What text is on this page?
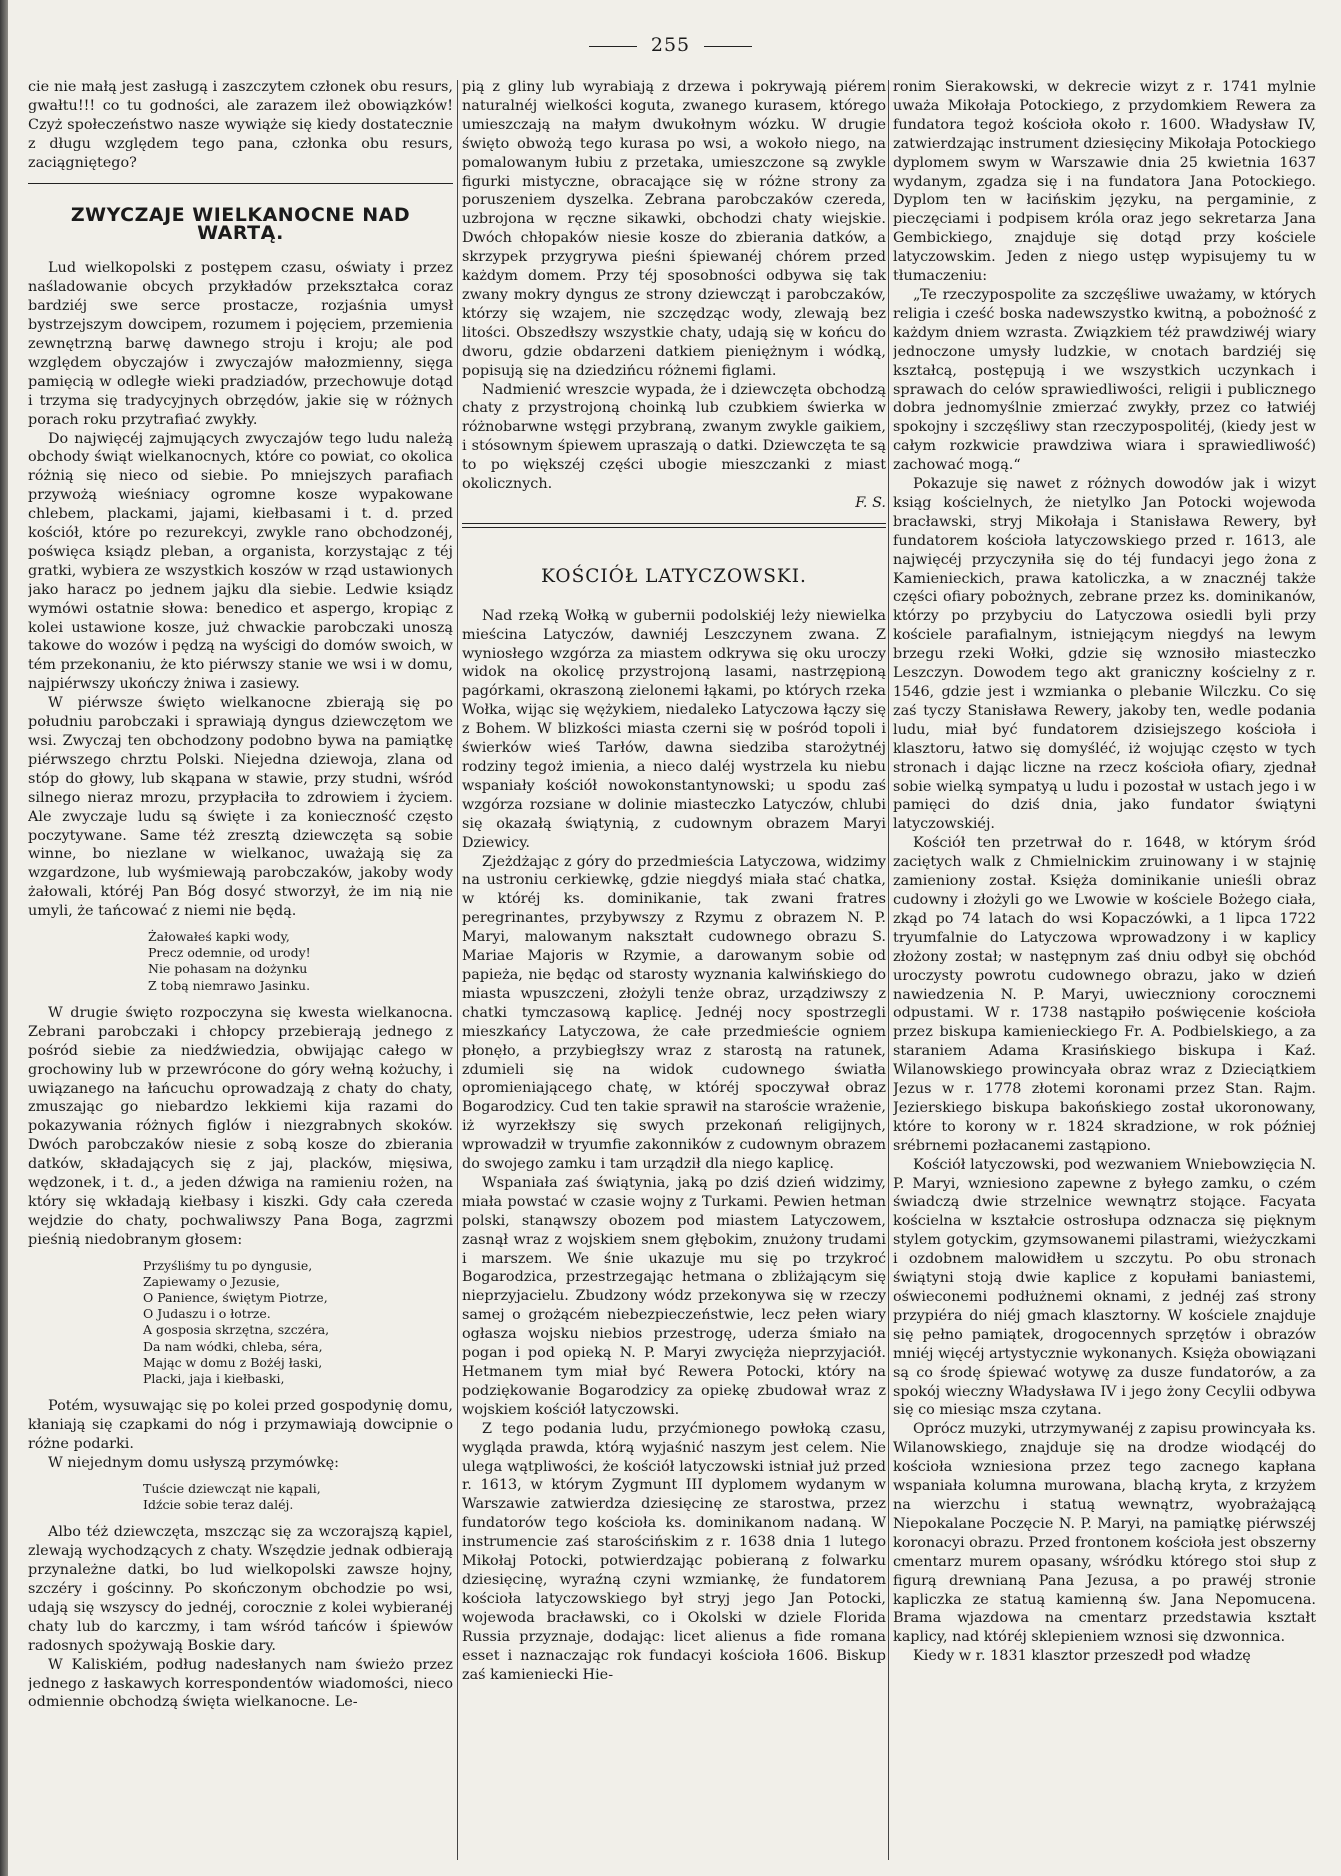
255

cie nie małą jest zasługą i zaszczytem członek obu resurs, gwałtu!!! co tu godności, ale zarazem ileż obowiązków! Czyż społeczeństwo nasze wywiąże się kiedy dostatecznie z długu względem tego pana, członka obu resurs, zaciągniętego?

ZWYCZAJE WIELKANOCNE NAD WARTĄ.

Lud wielkopolski z postępem czasu, oświaty i przez naśladowanie obcych przykładów przekształca coraz bardziéj swe serce prostacze, rozjaśnia umysł bystrzejszym dowcipem, rozumem i pojęciem, przemienia zewnętrzną barwę dawnego stroju i kroju; ale pod względem obyczajów i zwyczajów małozmienny, sięga pamięcią w odległe wieki pradziadów, przechowuje dotąd i trzyma się tradycyjnych obrzędów, jakie się w różnych porach roku przytrafiać zwykły.

Do najwięcéj zajmujących zwyczajów tego ludu należą obchody świąt wielkanocnych, które co powiat, co okolica różnią się nieco od siebie. Po mniejszych parafiach przywożą wieśniacy ogromne kosze wypakowane chlebem, plackami, jajami, kiełbasami i t. d. przed kościół, które po rezurekcyi, zwykle rano obchodzonéj, poświęca ksiądz pleban, a organista, korzystając z téj gratki, wybiera ze wszystkich koszów w rząd ustawionych jako haracz po jednem jajku dla siebie. Ledwie ksiądz wymówi ostatnie słowa: benedico et aspergo, kropiąc z kolei ustawione kosze, już chwackie parobczaki unoszą takowe do wozów i pędzą na wyścigi do domów swoich, w tém przekonaniu, że kto piérwszy stanie we wsi i w domu, najpiérwszy ukończy żniwa i zasiewy.

W piérwsze święto wielkanocne zbierają się po południu parobczaki i sprawiają dyngus dziewczętom we wsi. Zwyczaj ten obchodzony podobno bywa na pamiątkę piérwszego chrztu Polski. Niejedna dziewoja, zlana od stóp do głowy, lub skąpana w stawie, przy studni, wśród silnego nieraz mrozu, przypłaciła to zdrowiem i życiem. Ale zwyczaje ludu są święte i za konieczność często poczytywane. Same téż zresztą dziewczęta są sobie winne, bo niezlane w wielkanoc, uważają się za wzgardzone, lub wyśmiewają parobczaków, jakoby wody żałowali, któréj Pan Bóg dosyć stworzył, że im nią nie umyli, że tańcować z niemi nie będą.

Żałowałeś kapki wody,
Precz odemnie, od urody!
Nie pohasam na dożynku
Z tobą niemrawo Jasinku.

W drugie święto rozpoczyna się kwesta wielkanocna. Zebrani parobczaki i chłopcy przebierają jednego z pośród siebie za niedźwiedzia, obwijając całego w grochowiny lub w przewrócone do góry wełną kożuchy, i uwiązanego na łańcuchu oprowadzają z chaty do chaty, zmuszając go niebardzo lekkiemi kija razami do pokazywania różnych figlów i niezgrabnych skoków. Dwóch parobczaków niesie z sobą kosze do zbierania datków, składających się z jaj, placków, mięsiwa, wędzonek, i t. d., a jeden dźwiga na ramieniu rożen, na który się wkładają kiełbasy i kiszki. Gdy cała czereda wejdzie do chaty, pochwaliwszy Pana Boga, zagrzmi pieśnią niedobranym głosem:

Przyśliśmy tu po dyngusie,
Zapiewamy o Jezusie,
O Panience, świętym Piotrze,
O Judaszu i o łotrze.
A gosposia skrzętna, szczéra,
Da nam wódki, chleba, séra,
Mając w domu z Bożéj łaski,
Placki, jaja i kiełbaski,

Potém, wysuwając się po kolei przed gospodynię domu, kłaniają się czapkami do nóg i przymawiają dowcipnie o różne podarki.

W niejednym domu usłyszą przymówkę:

Tuście dziewcząt nie kąpali,
Idźcie sobie teraz daléj.

Albo téż dziewczęta, mszcząc się za wczorajszą kąpiel, zlewają wychodzących z chaty. Wszędzie jednak odbierają przynależne datki, bo lud wielkopolski zawsze hojny, szczéry i gościnny. Po skończonym obchodzie po wsi, udają się wszyscy do jednéj, corocznie z kolei wybieranéj chaty lub do karczmy, i tam wśród tańców i śpiewów radosnych spożywają Boskie dary.

W Kaliskiém, podług nadesłanych nam świeżo przez jednego z łaskawych korrespondentów wiadomości, nieco odmiennie obchodzą święta wielkanocne. Le-

pią z gliny lub wyrabiają z drzewa i pokrywają piérem naturalnéj wielkości koguta, zwanego kurasem, którego umieszczają na małym dwukołnym wózku. W drugie święto obwożą tego kurasa po wsi, a wokoło niego, na pomalowanym łubiu z przetaka, umieszczone są zwykle figurki mistyczne, obracające się w różne strony za poruszeniem dyszelka. Zebrana parobczaków czereda, uzbrojona w ręczne sikawki, obchodzi chaty wiejskie. Dwóch chłopaków niesie kosze do zbierania datków, a skrzypek przygrywa pieśni śpiewanéj chórem przed każdym domem. Przy téj sposobności odbywa się tak zwany mokry dyngus ze strony dziewcząt i parobczaków, którzy się wzajem, nie szczędząc wody, zlewają bez litości. Obszedłszy wszystkie chaty, udają się w końcu do dworu, gdzie obdarzeni datkiem pieniężnym i wódką, popisują się na dziedzińcu różnemi figlami.

Nadmienić wreszcie wypada, że i dziewczęta obchodzą chaty z przystrojoną choinką lub czubkiem świerka w różnobarwne wstęgi przybraną, zwanym zwykle gaikiem, i stósownym śpiewem upraszają o datki. Dziewczęta te są to po większéj części ubogie mieszczanki z miast okolicznych.

F. S.
KOŚCIÓŁ LATYCZOWSKI.

Nad rzeką Wołką w gubernii podolskiéj leży niewielka mieścina Latyczów, dawniéj Leszczynem zwana. Z wyniosłego wzgórza za miastem odkrywa się oku uroczy widok na okolicę przystrojoną lasami, nastrzępioną pagórkami, okraszoną zielonemi łąkami, po których rzeka Wołka, wijąc się wężykiem, niedaleko Latyczowa łączy się z Bohem. W blizkości miasta czerni się w pośród topoli i świerków wieś Tarłów, dawna siedziba starożytnéj rodziny tegoż imienia, a nieco daléj wystrzela ku niebu wspaniały kościół nowokonstantynowski; u spodu zaś wzgórza rozsiane w dolinie miasteczko Latyczów, chlubi się okazałą świątynią, z cudownym obrazem Maryi Dziewicy.

Zjeżdżając z góry do przedmieścia Latyczowa, widzimy na ustroniu cerkiewkę, gdzie niegdyś miała stać chatka, w któréj ks. dominikanie, tak zwani fratres peregrinantes, przybywszy z Rzymu z obrazem N. P. Maryi, malowanym nakształt cudownego obrazu S. Mariae Majoris w Rzymie, a darowanym sobie od papieża, nie będąc od starosty wyznania kalwińskiego do miasta wpuszczeni, złożyli tenże obraz, urządziwszy z chatki tymczasową kaplicę. Jednéj nocy spostrzegli mieszkańcy Latyczowa, że całe przedmieście ogniem płonęło, a przybiegłszy wraz z starostą na ratunek, zdumieli się na widok cudownego światła opromieniającego chatę, w któréj spoczywał obraz Bogarodzicy. Cud ten takie sprawił na staroście wrażenie, iż wyrzekłszy się swych przekonań religijnych, wprowadził w tryumfie zakonników z cudownym obrazem do swojego zamku i tam urządził dla niego kaplicę.

Wspaniała zaś świątynia, jaką po dziś dzień widzimy, miała powstać w czasie wojny z Turkami. Pewien hetman polski, stanąwszy obozem pod miastem Latyczowem, zasnął wraz z wojskiem snem głębokim, znużony trudami i marszem. We śnie ukazuje mu się po trzykroć Bogarodzica, przestrzegając hetmana o zbliżającym się nieprzyjacielu. Zbudzony wódz przekonywa się w rzeczy samej o grożącém niebezpieczeństwie, lecz pełen wiary ogłasza wojsku niebios przestrogę, uderza śmiało na pogan i pod opieką N. P. Maryi zwycięża nieprzyjaciół. Hetmanem tym miał być Rewera Potocki, który na podziękowanie Bogarodzicy za opiekę zbudował wraz z wojskiem kościół latyczowski.

Z tego podania ludu, przyćmionego powłoką czasu, wygląda prawda, którą wyjaśnić naszym jest celem. Nie ulega wątpliwości, że kościół latyczowski istniał już przed r. 1613, w którym Zygmunt III dyplomem wydanym w Warszawie zatwierdza dziesięcinę ze starostwa, przez fundatorów tego kościoła ks. dominikanom nadaną. W instrumencie zaś starościńskim z r. 1638 dnia 1 lutego Mikołaj Potocki, potwierdzając pobieraną z folwarku dziesięcinę, wyraźną czyni wzmiankę, że fundatorem kościoła latyczowskiego był stryj jego Jan Potocki, wojewoda bracławski, co i Okolski w dziele Florida Russia przyznaje, dodając: licet alienus a fide romana esset i naznaczając rok fundacyi kościoła 1606. Biskup zaś kamieniecki Hie-

ronim Sierakowski, w dekrecie wizyt z r. 1741 mylnie uważa Mikołaja Potockiego, z przydomkiem Rewera za fundatora tegoż kościoła około r. 1600. Władysław IV, zatwierdzając instrument dziesięciny Mikołaja Potockiego dyplomem swym w Warszawie dnia 25 kwietnia 1637 wydanym, zgadza się i na fundatora Jana Potockiego. Dyplom ten w łacińskim języku, na pergaminie, z pieczęciami i podpisem króla oraz jego sekretarza Jana Gembickiego, znajduje się dotąd przy kościele latyczowskim. Jeden z niego ustęp wypisujemy tu w tłumaczeniu:

„Te rzeczypospolite za szczęśliwe uważamy, w których religia i cześć boska nadewszystko kwitną, a pobożność z każdym dniem wzrasta. Związkiem téż prawdziwéj wiary jednoczone umysły ludzkie, w cnotach bardziéj się kształcą, postępują i we wszystkich uczynkach i sprawach do celów sprawiedliwości, religii i publicznego dobra jednomyślnie zmierzać zwykły, przez co łatwiéj spokojny i szczęśliwy stan rzeczypospolitéj, (kiedy jest w całym rozkwicie prawdziwa wiara i sprawiedliwość) zachować mogą.“

Pokazuje się nawet z różnych dowodów jak i wizyt ksiąg kościelnych, że nietylko Jan Potocki wojewoda bracławski, stryj Mikołaja i Stanisława Rewery, był fundatorem kościoła latyczowskiego przed r. 1613, ale najwięcéj przyczyniła się do téj fundacyi jego żona z Kamienieckich, prawa katoliczka, a w znacznéj także części ofiary pobożnych, zebrane przez ks. dominikanów, którzy po przybyciu do Latyczowa osiedli byli przy kościele parafialnym, istniejącym niegdyś na lewym brzegu rzeki Wołki, gdzie się wznosiło miasteczko Leszczyn. Dowodem tego akt graniczny kościelny z r. 1546, gdzie jest i wzmianka o plebanie Wilczku. Co się zaś tyczy Stanisława Rewery, jakoby ten, wedle podania ludu, miał być fundatorem dzisiejszego kościoła i klasztoru, łatwo się domyśléć, iż wojując często w tych stronach i dając liczne na rzecz kościoła ofiary, zjednał sobie wielką sympatyą u ludu i pozostał w ustach jego i w pamięci do dziś dnia, jako fundator świątyni latyczowskiéj.

Kościół ten przetrwał do r. 1648, w którym śród zaciętych walk z Chmielnickim zruinowany i w stajnię zamieniony został. Księża dominikanie unieśli obraz cudowny i złożyli go we Lwowie w kościele Bożego ciała, zkąd po 74 latach do wsi Kopaczówki, a 1 lipca 1722 tryumfalnie do Latyczowa wprowadzony i w kaplicy złożony został; w następnym zaś dniu odbył się obchód uroczysty powrotu cudownego obrazu, jako w dzień nawiedzenia N. P. Maryi, uwieczniony corocznemi odpustami. W r. 1738 nastąpiło poświęcenie kościoła przez biskupa kamienieckiego Fr. A. Podbielskiego, a za staraniem Adama Krasińskiego biskupa i Kaź. Wilanowskiego prowincyała obraz wraz z Dzieciątkiem Jezus w r. 1778 złotemi koronami przez Stan. Rajm. Jezierskiego biskupa bakońskiego został ukoronowany, które to korony w r. 1824 skradzione, w rok później srébrnemi pozłacanemi zastąpiono.

Kościół latyczowski, pod wezwaniem Wniebowzięcia N. P. Maryi, wzniesiono zapewne z byłego zamku, o czém świadczą dwie strzelnice wewnątrz stojące. Facyata kościelna w kształcie ostrosłupa odznacza się pięknym stylem gotyckim, gzymsowanemi pilastrami, wieżyczkami i ozdobnem malowidłem u szczytu. Po obu stronach świątyni stoją dwie kaplice z kopułami baniastemi, oświeconemi podłużnemi oknami, z jednéj zaś strony przypiéra do niéj gmach klasztorny. W kościele znajduje się pełno pamiątek, drogocennych sprzętów i obrazów mniéj więcéj artystycznie wykonanych. Księża obowiązani są co środę śpiewać wotywę za dusze fundatorów, a za spokój wieczny Władysława IV i jego żony Cecylii odbywa się co miesiąc msza czytana.

Oprócz muzyki, utrzymywanéj z zapisu prowincyała ks. Wilanowskiego, znajduje się na drodze wiodącéj do kościoła wzniesiona przez tego zacnego kapłana wspaniała kolumna murowana, blachą kryta, z krzyżem na wierzchu i statuą wewnątrz, wyobrażającą Niepokalane Poczęcie N. P. Maryi, na pamiątkę piérwszéj koronacyi obrazu. Przed frontonem kościoła jest obszerny cmentarz murem opasany, wśródku którego stoi słup z figurą drewnianą Pana Jezusa, a po prawéj stronie kapliczka ze statuą kamienną św. Jana Nepomucena. Brama wjazdowa na cmentarz przedstawia kształt kaplicy, nad któréj sklepieniem wznosi się dzwonnica.

Kiedy w r. 1831 klasztor przeszedł pod władzę
